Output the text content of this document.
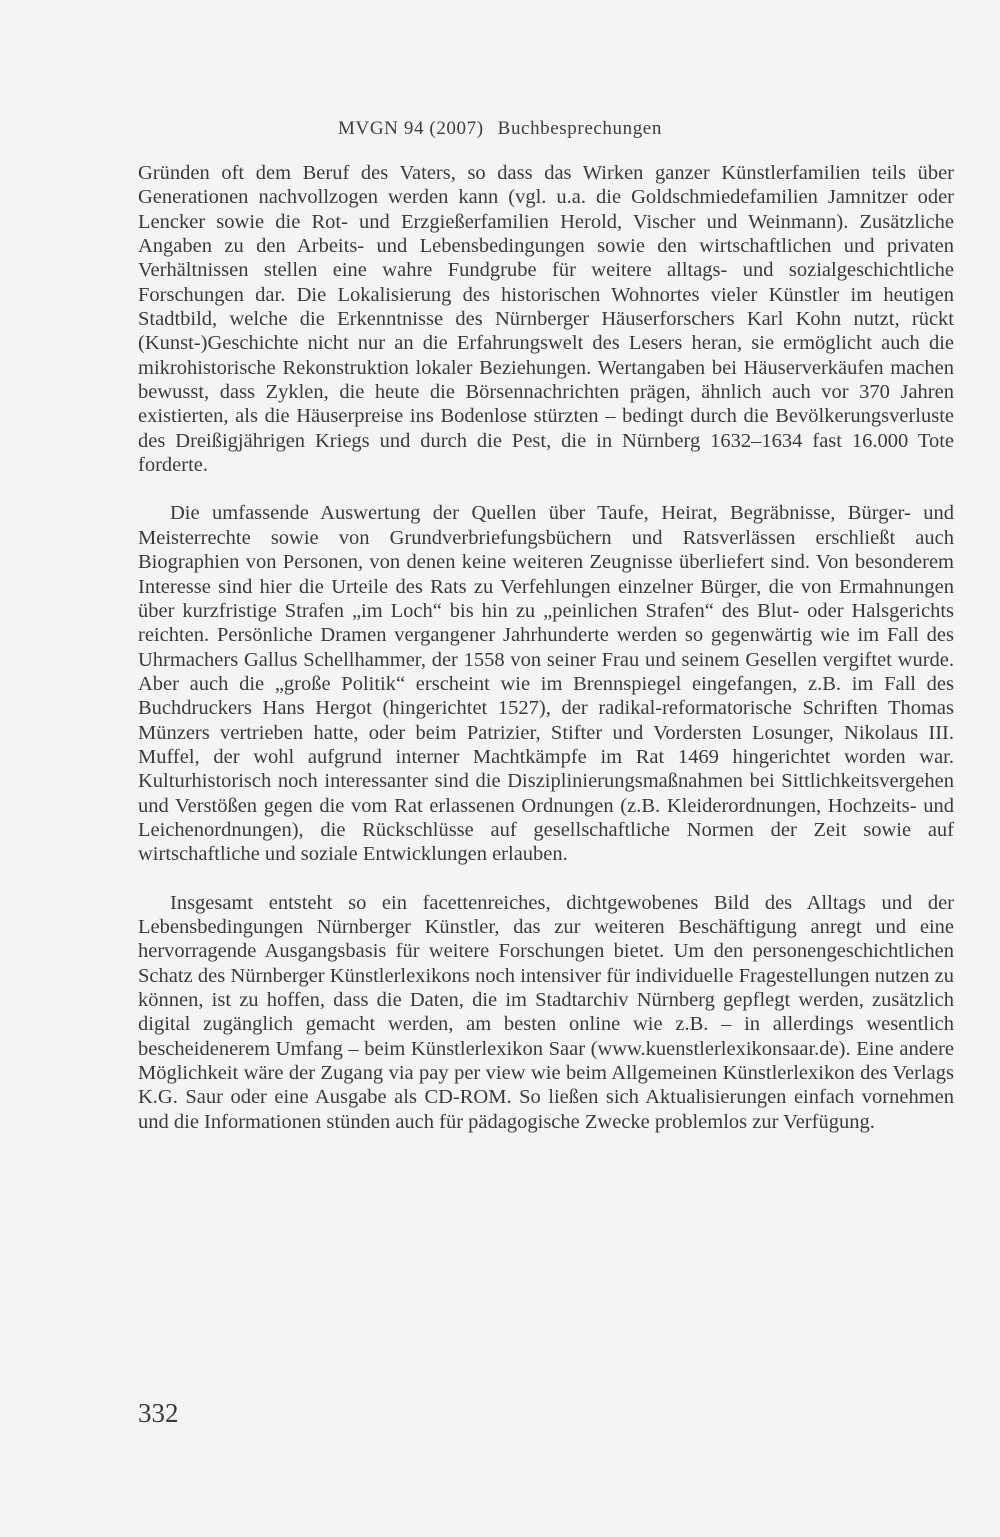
MVGN 94 (2007) Buchbesprechungen

Gründen oft dem Beruf des Vaters, so dass das Wirken ganzer Künstlerfamilien teils über Generationen nachvollzogen werden kann (vgl. u.a. die Goldschmiedefamilien Jamnitzer oder Lencker sowie die Rot- und Erzgießerfamilien Herold, Vischer und Weinmann). Zusätzliche Angaben zu den Arbeits- und Lebensbedingungen sowie den wirtschaftlichen und privaten Verhältnissen stellen eine wahre Fundgrube für weitere alltags- und sozialgeschichtliche Forschungen dar. Die Lokalisierung des historischen Wohnortes vieler Künstler im heutigen Stadtbild, welche die Erkenntnisse des Nürnberger Häuserforschers Karl Kohn nutzt, rückt (Kunst-)Geschichte nicht nur an die Erfahrungswelt des Lesers heran, sie ermöglicht auch die mikrohistorische Rekonstruktion lokaler Beziehungen. Wertangaben bei Häuserverkäufen machen bewusst, dass Zyklen, die heute die Börsennachrichten prägen, ähnlich auch vor 370 Jahren existierten, als die Häuserpreise ins Bodenlose stürzten – bedingt durch die Bevölkerungsverluste des Dreißigjährigen Kriegs und durch die Pest, die in Nürnberg 1632–1634 fast 16.000 Tote forderte.

Die umfassende Auswertung der Quellen über Taufe, Heirat, Begräbnisse, Bürger- und Meisterrechte sowie von Grundverbriefungsbüchern und Ratsverlässen erschließt auch Biographien von Personen, von denen keine weiteren Zeugnisse überliefert sind. Von besonderem Interesse sind hier die Urteile des Rats zu Verfehlungen einzelner Bürger, die von Ermahnungen über kurzfristige Strafen „im Loch“ bis hin zu „peinlichen Strafen“ des Blut- oder Halsgerichts reichten. Persönliche Dramen vergangener Jahrhunderte werden so gegenwärtig wie im Fall des Uhrmachers Gallus Schellhammer, der 1558 von seiner Frau und seinem Gesellen vergiftet wurde. Aber auch die „große Politik“ erscheint wie im Brennspiegel eingefangen, z.B. im Fall des Buchdruckers Hans Hergot (hingerichtet 1527), der radikal-reformatorische Schriften Thomas Münzers vertrieben hatte, oder beim Patrizier, Stifter und Vordersten Losunger, Nikolaus III. Muffel, der wohl aufgrund interner Machtkämpfe im Rat 1469 hingerichtet worden war. Kulturhistorisch noch interessanter sind die Disziplinierungsmaßnahmen bei Sittlichkeitsvergehen und Verstößen gegen die vom Rat erlassenen Ordnungen (z.B. Kleiderordnungen, Hochzeits- und Leichenordnungen), die Rückschlüsse auf gesellschaftliche Normen der Zeit sowie auf wirtschaftliche und soziale Entwicklungen erlauben.

Insgesamt entsteht so ein facettenreiches, dichtgewobenes Bild des Alltags und der Lebensbedingungen Nürnberger Künstler, das zur weiteren Beschäftigung anregt und eine hervorragende Ausgangsbasis für weitere Forschungen bietet. Um den personengeschichtlichen Schatz des Nürnberger Künstlerlexikons noch intensiver für individuelle Fragestellungen nutzen zu können, ist zu hoffen, dass die Daten, die im Stadtarchiv Nürnberg gepflegt werden, zusätzlich digital zugänglich gemacht werden, am besten online wie z.B. – in allerdings wesentlich bescheidenerem Umfang – beim Künstlerlexikon Saar (www.kuenstlerlexikonsaar.de). Eine andere Möglichkeit wäre der Zugang via pay per view wie beim Allgemeinen Künstlerlexikon des Verlags K.G. Saur oder eine Ausgabe als CD-ROM. So ließen sich Aktualisierungen einfach vornehmen und die Informationen stünden auch für pädagogische Zwecke problemlos zur Verfügung.

332
